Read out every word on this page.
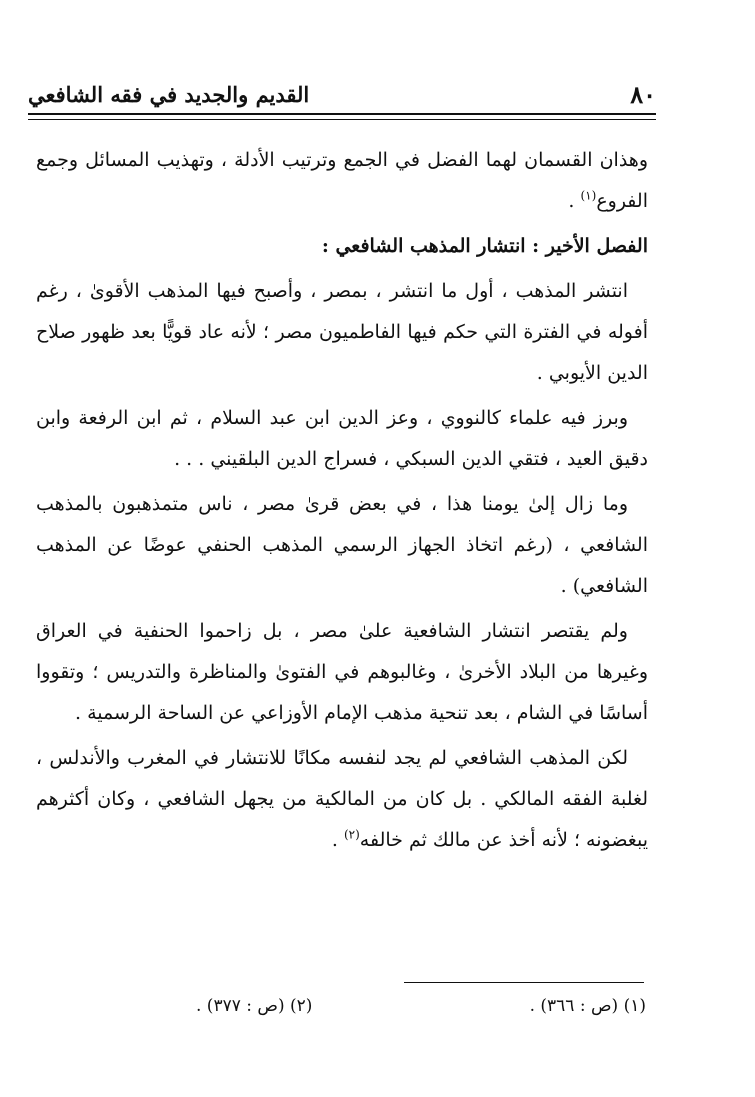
٨٠
القديم والجديد في فقه الشافعي

وهذان القسمان لهما الفضل في الجمع وترتيب الأدلة ، وتهذيب المسائل وجمع الفروع$^{(١)}$ .

الفصل الأخير : انتشار المذهب الشافعي :

انتشر المذهب ، أول ما انتشر ، بمصر ، وأصبح فيها المذهب الأقوىٰ ، رغم أفوله في الفترة التي حكم فيها الفاطميون مصر ؛ لأنه عاد قويًّا بعد ظهور صلاح الدين الأيوبي .

وبرز فيه علماء كالنووي ، وعز الدين ابن عبد السلام ، ثم ابن الرفعة وابن دقيق العيد ، فتقي الدين السبكي ، فسراج الدين البلقيني . . .

وما زال إلىٰ يومنا هذا ، في بعض قرىٰ مصر ، ناس متمذهبون بالمذهب الشافعي ، (رغم اتخاذ الجهاز الرسمي المذهب الحنفي عوضًا عن المذهب الشافعي) .

ولم يقتصر انتشار الشافعية علىٰ مصر ، بل زاحموا الحنفية في العراق وغيرها من البلاد الأخرىٰ ، وغالبوهم في الفتوىٰ والمناظرة والتدريس ؛ وتقووا أساسًا في الشام ، بعد تنحية مذهب الإمام الأوزاعي عن الساحة الرسمية .

لكن المذهب الشافعي لم يجد لنفسه مكانًا للانتشار في المغرب والأندلس ، لغلبة الفقه المالكي . بل كان من المالكية من يجهل الشافعي ، وكان أكثرهم يبغضونه ؛ لأنه أخذ عن مالك ثم خالفه$^{(٢)}$ .

(١) (ص : ٣٦٦) .
(٢) (ص : ٣٧٧) .
